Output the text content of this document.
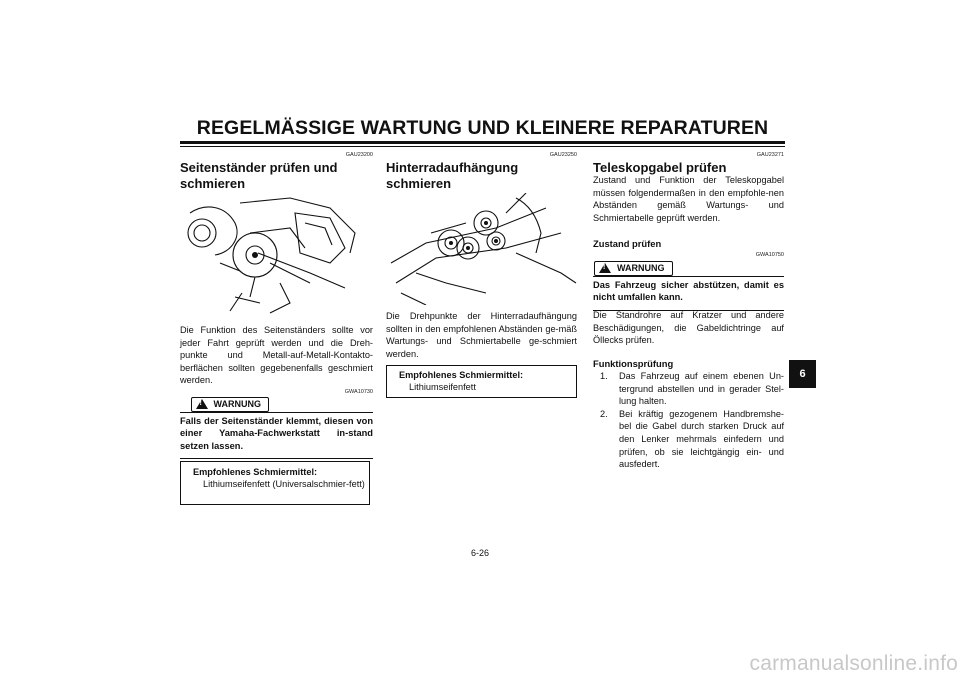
REGELMÄSSIGE WARTUNG UND KLEINERE REPARATUREN
GAU23200
Seitenständer prüfen und
schmieren
Die Funktion des Seitenständers sollte vor jeder Fahrt geprüft werden und die Dreh-punkte und Metall-auf-Metall-Kontakto-berflächen sollten gegebenenfalls geschmiert werden.
GWA10730
! WARNUNG
Falls der Seitenständer klemmt, diesen von einer Yamaha-Fachwerkstatt in-stand setzen lassen.
Empfohlenes Schmiermittel:
Lithiumseifenfett (Universalschmier-fett)
GAU23250
Hinterradaufhängung schmieren
Die Drehpunkte der Hinterradaufhängung sollten in den empfohlenen Abständen ge-mäß Wartungs- und Schmiertabelle ge-schmiert werden.
Empfohlenes Schmiermittel:
Lithiumseifenfett
GAU23271
Teleskopgabel prüfen
Zustand und Funktion der Teleskopgabel müssen folgendermaßen in den empfohle-nen Abständen gemäß Wartungs- und Schmiertabelle geprüft werden.
Zustand prüfen
GWA10750
! WARNUNG
Das Fahrzeug sicher abstützen, damit es nicht umfallen kann.
Die Standrohre auf Kratzer und andere Beschädigungen, die Gabeldichtringe auf Öllecks prüfen.
Funktionsprüfung
1. Das Fahrzeug auf einem ebenen Un-tergrund abstellen und in gerader Stel-lung halten.
2. Bei kräftig gezogenem Handbremshe-bel die Gabel durch starken Druck auf den Lenker mehrmals einfedern und prüfen, ob sie leichtgängig ein- und ausfedert.
6
6-26
carmanualsonline.info
